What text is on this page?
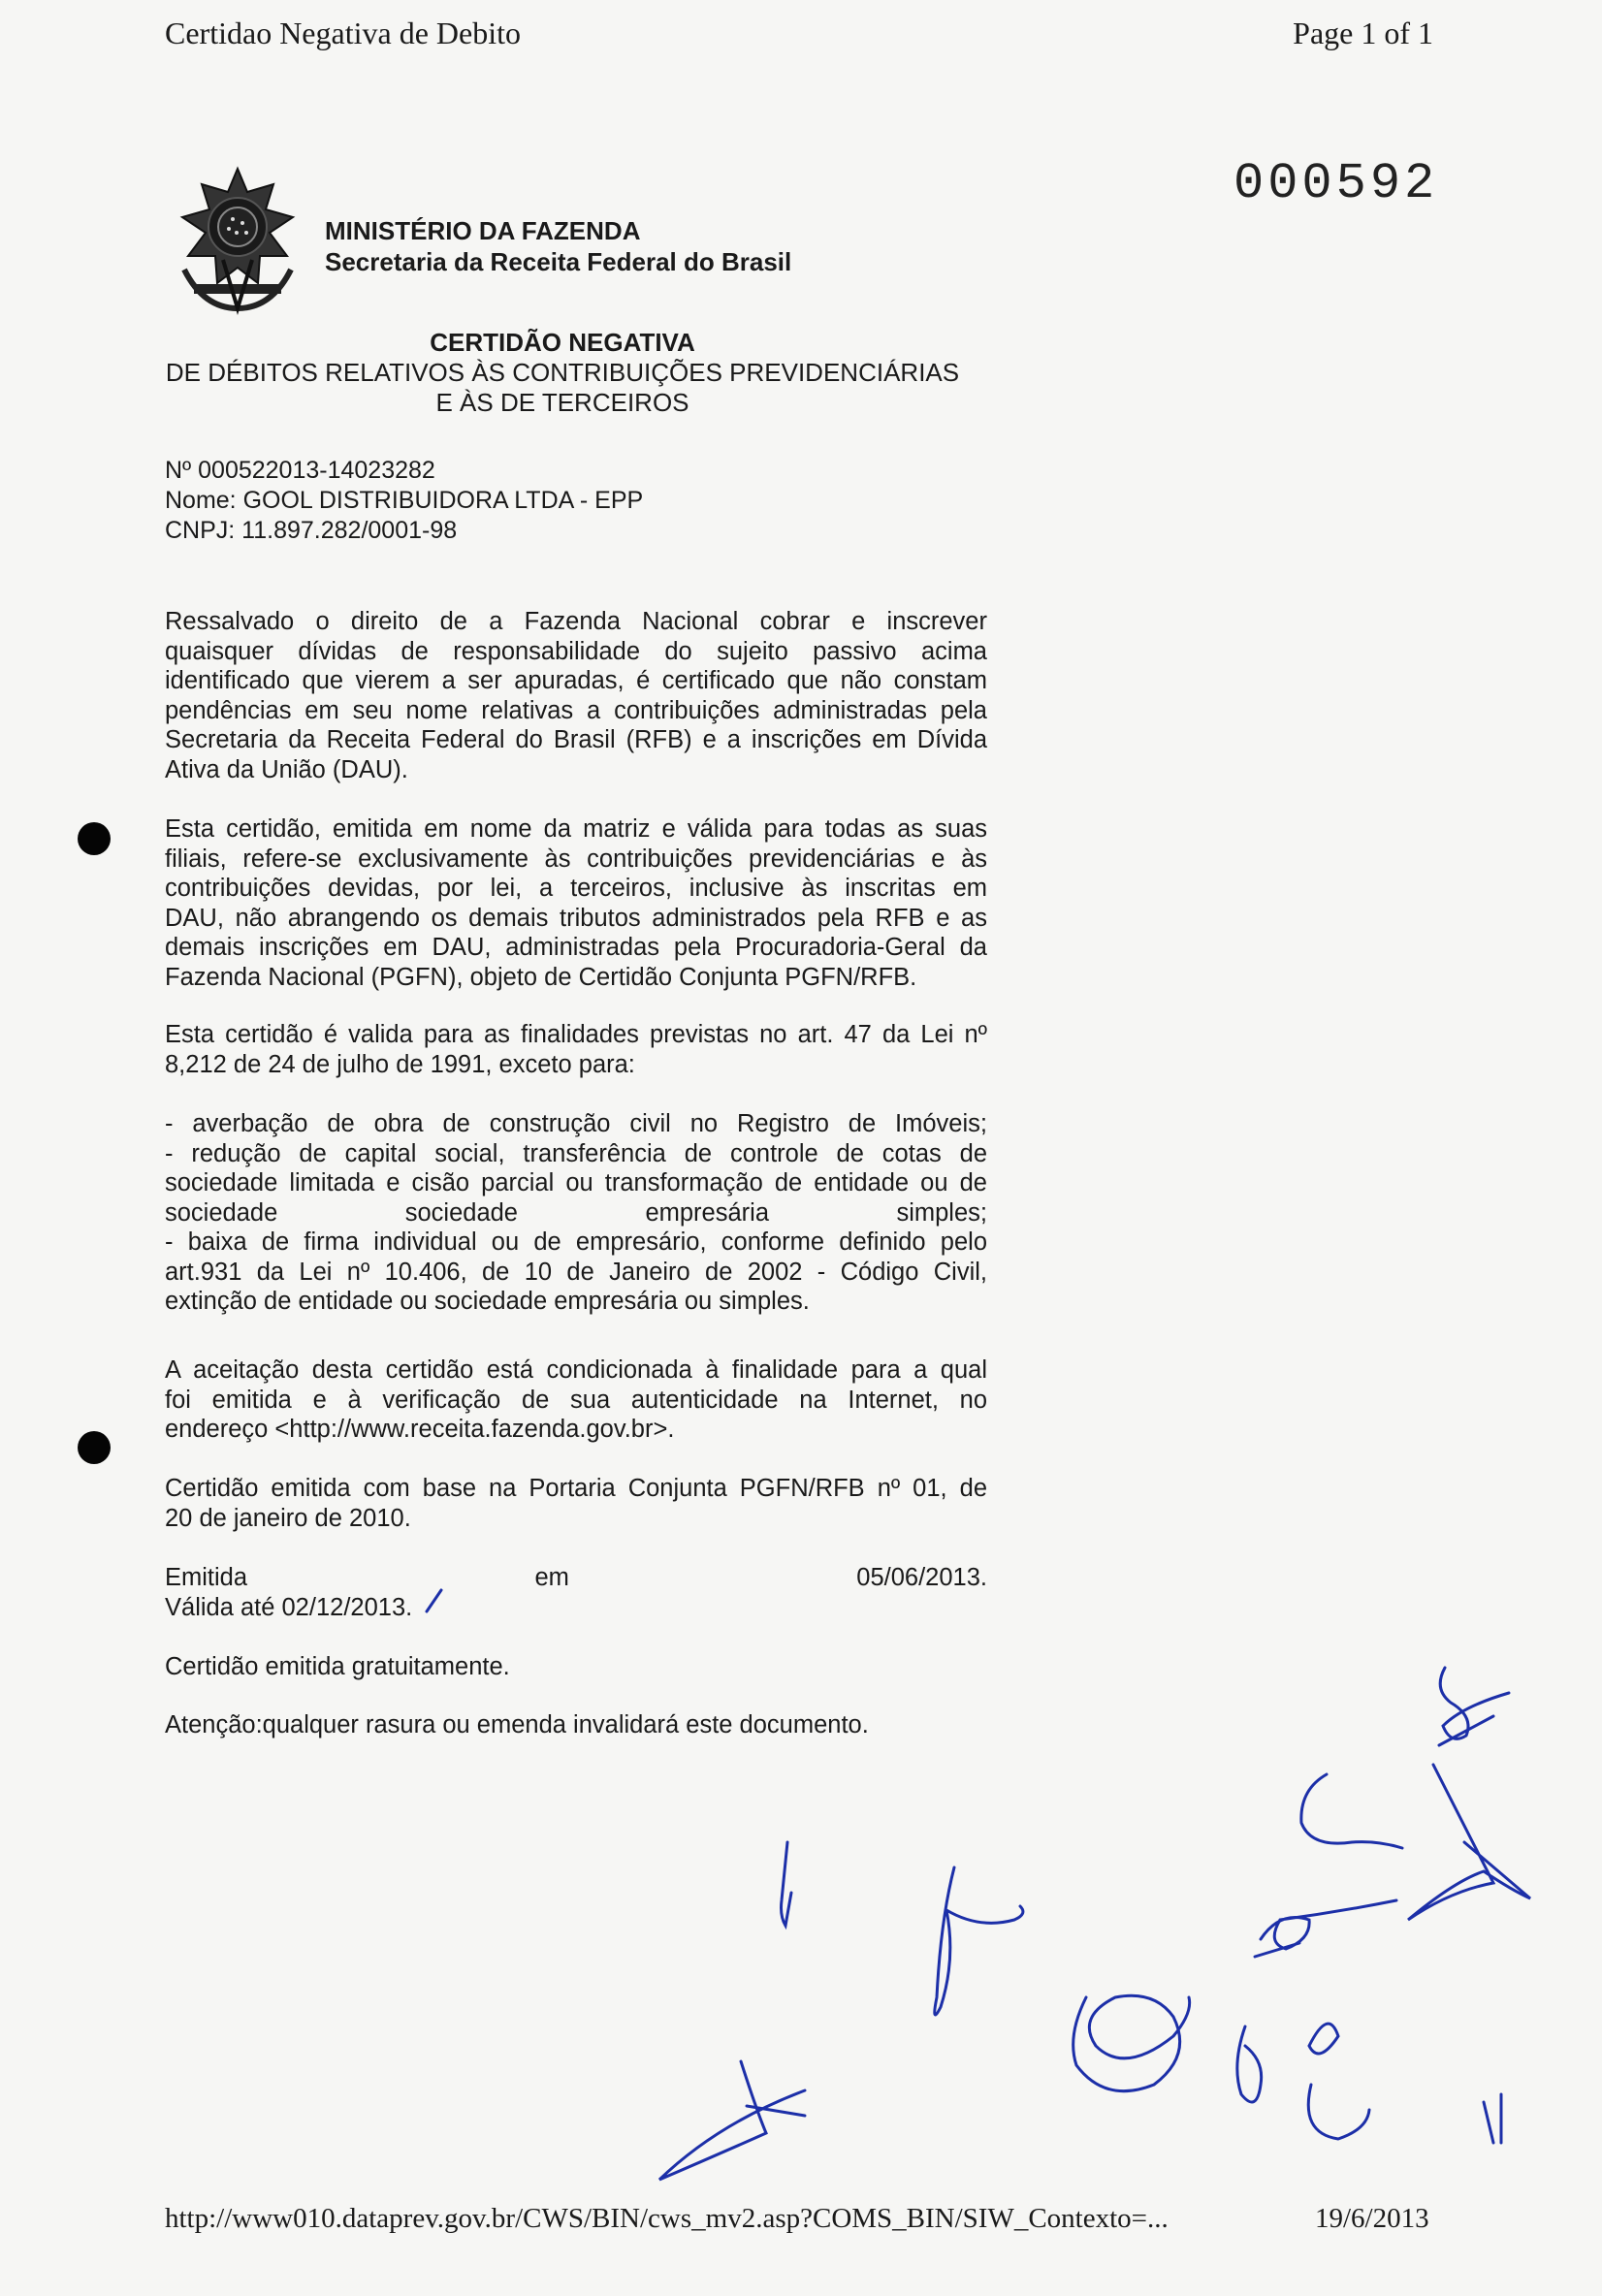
Certidao Negativa de Debito	Page 1 of 1
000592
MINISTÉRIO DA FAZENDA
Secretaria da Receita Federal do Brasil
CERTIDÃO NEGATIVA
DE DÉBITOS RELATIVOS ÀS CONTRIBUIÇÕES PREVIDENCIÁRIAS
E ÀS DE TERCEIROS
Nº 000522013-14023282
Nome: GOOL DISTRIBUIDORA LTDA - EPP
CNPJ: 11.897.282/0001-98
Ressalvado o direito de a Fazenda Nacional cobrar e inscrever
quaisquer dívidas de responsabilidade do sujeito passivo acima
identificado que vierem a ser apuradas, é certificado que não constam
pendências em seu nome relativas a contribuições administradas pela
Secretaria da Receita Federal do Brasil (RFB) e a inscrições em Dívida
Ativa da União (DAU).
Esta certidão, emitida em nome da matriz e válida para todas as suas
filiais, refere-se exclusivamente às contribuições previdenciárias e às
contribuições devidas, por lei, a terceiros, inclusive às inscritas em
DAU, não abrangendo os demais tributos administrados pela RFB e as
demais inscrições em DAU, administradas pela Procuradoria-Geral da
Fazenda Nacional (PGFN), objeto de Certidão Conjunta PGFN/RFB.
Esta certidão é valida para as finalidades previstas no art. 47 da Lei nº
8,212 de 24 de julho de 1991, exceto para:
- averbação de obra de construção civil no Registro de Imóveis;
- redução de capital social, transferência de controle de cotas de
sociedade limitada e cisão parcial ou transformação de entidade ou de
sociedade sociedade empresária simples;
- baixa de firma individual ou de empresário, conforme definido pelo
art.931 da Lei nº 10.406, de 10 de Janeiro de 2002 - Código Civil,
extinção de entidade ou sociedade empresária ou simples.
A aceitação desta certidão está condicionada à finalidade para a qual
foi emitida e à verificação de sua autenticidade na Internet, no
endereço <http://www.receita.fazenda.gov.br>.
Certidão emitida com base na Portaria Conjunta PGFN/RFB nº 01, de
20 de janeiro de 2010.
Emitida em 05/06/2013.
Válida até 02/12/2013.
Certidão emitida gratuitamente.
Atenção:qualquer rasura ou emenda invalidará este documento.
http://www010.dataprev.gov.br/CWS/BIN/cws_mv2.asp?COMS_BIN/SIW_Contexto=...	19/6/2013
